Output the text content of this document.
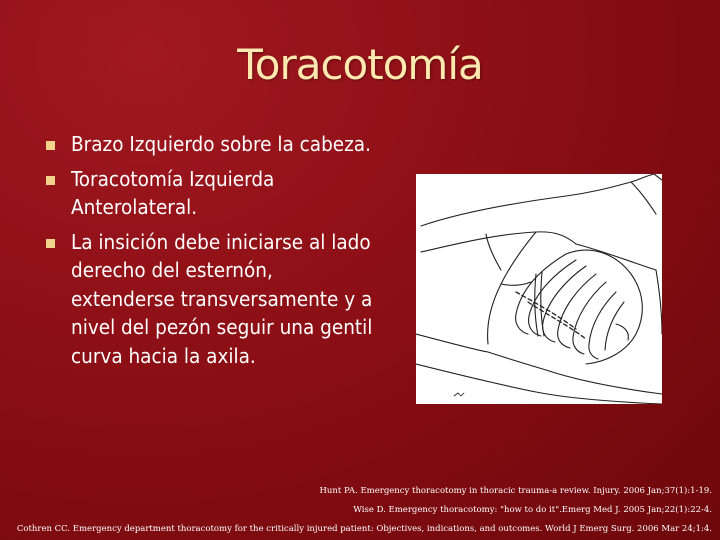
Toracotomía
Brazo Izquierdo sobre la cabeza.
Toracotomía Izquierda Anterolateral.
La insición debe iniciarse al lado derecho del esternón, extenderse transversamente y a nivel del pezón seguir una gentil curva hacia la axila.
Hunt PA. Emergency thoracotomy in thoracic trauma-a review. Injury. 2006 Jan;37(1):1-19.
Wise D. Emergency thoracotomy: "how to do it".Emerg Med J. 2005 Jan;22(1):22-4.
Cothren CC. Emergency department thoracotomy for the critically injured patient: Objectives, indications, and outcomes. World J Emerg Surg. 2006 Mar 24;1:4.
